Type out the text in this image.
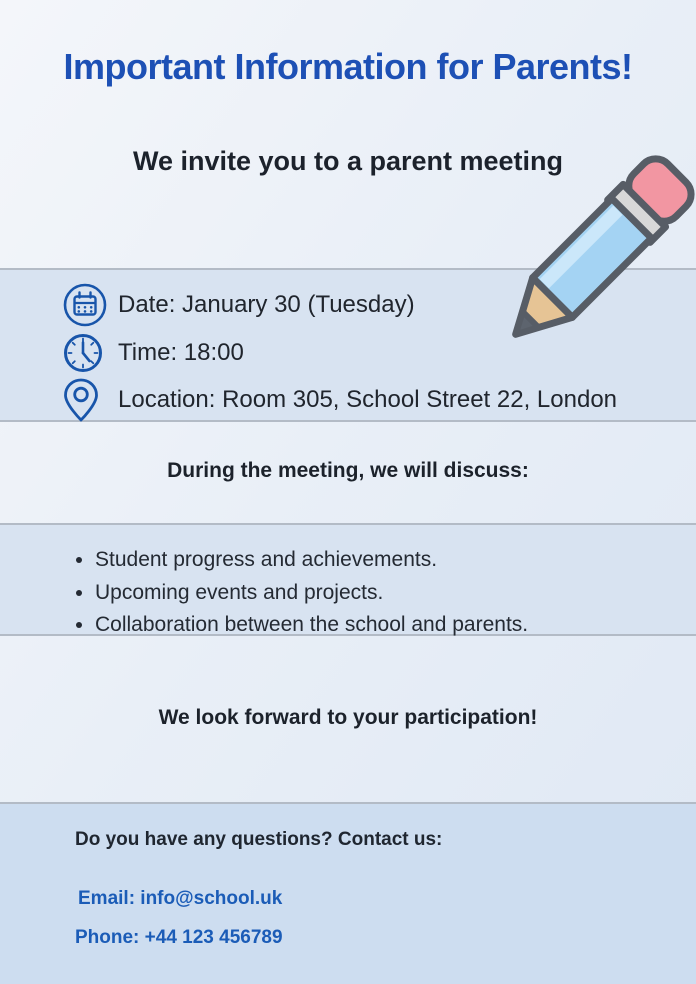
Important Information for Parents!
We invite you to a parent meeting
Date: January 30 (Tuesday)
Time: 18:00
Location: Room 305, School Street 22, London

During the meeting, we will discuss:

• Student progress and achievements.
• Upcoming events and projects.
• Collaboration between the school and parents.

We look forward to your participation!

Do you have any questions? Contact us:

Email: info@school.uk

Phone: +44 123 456789
